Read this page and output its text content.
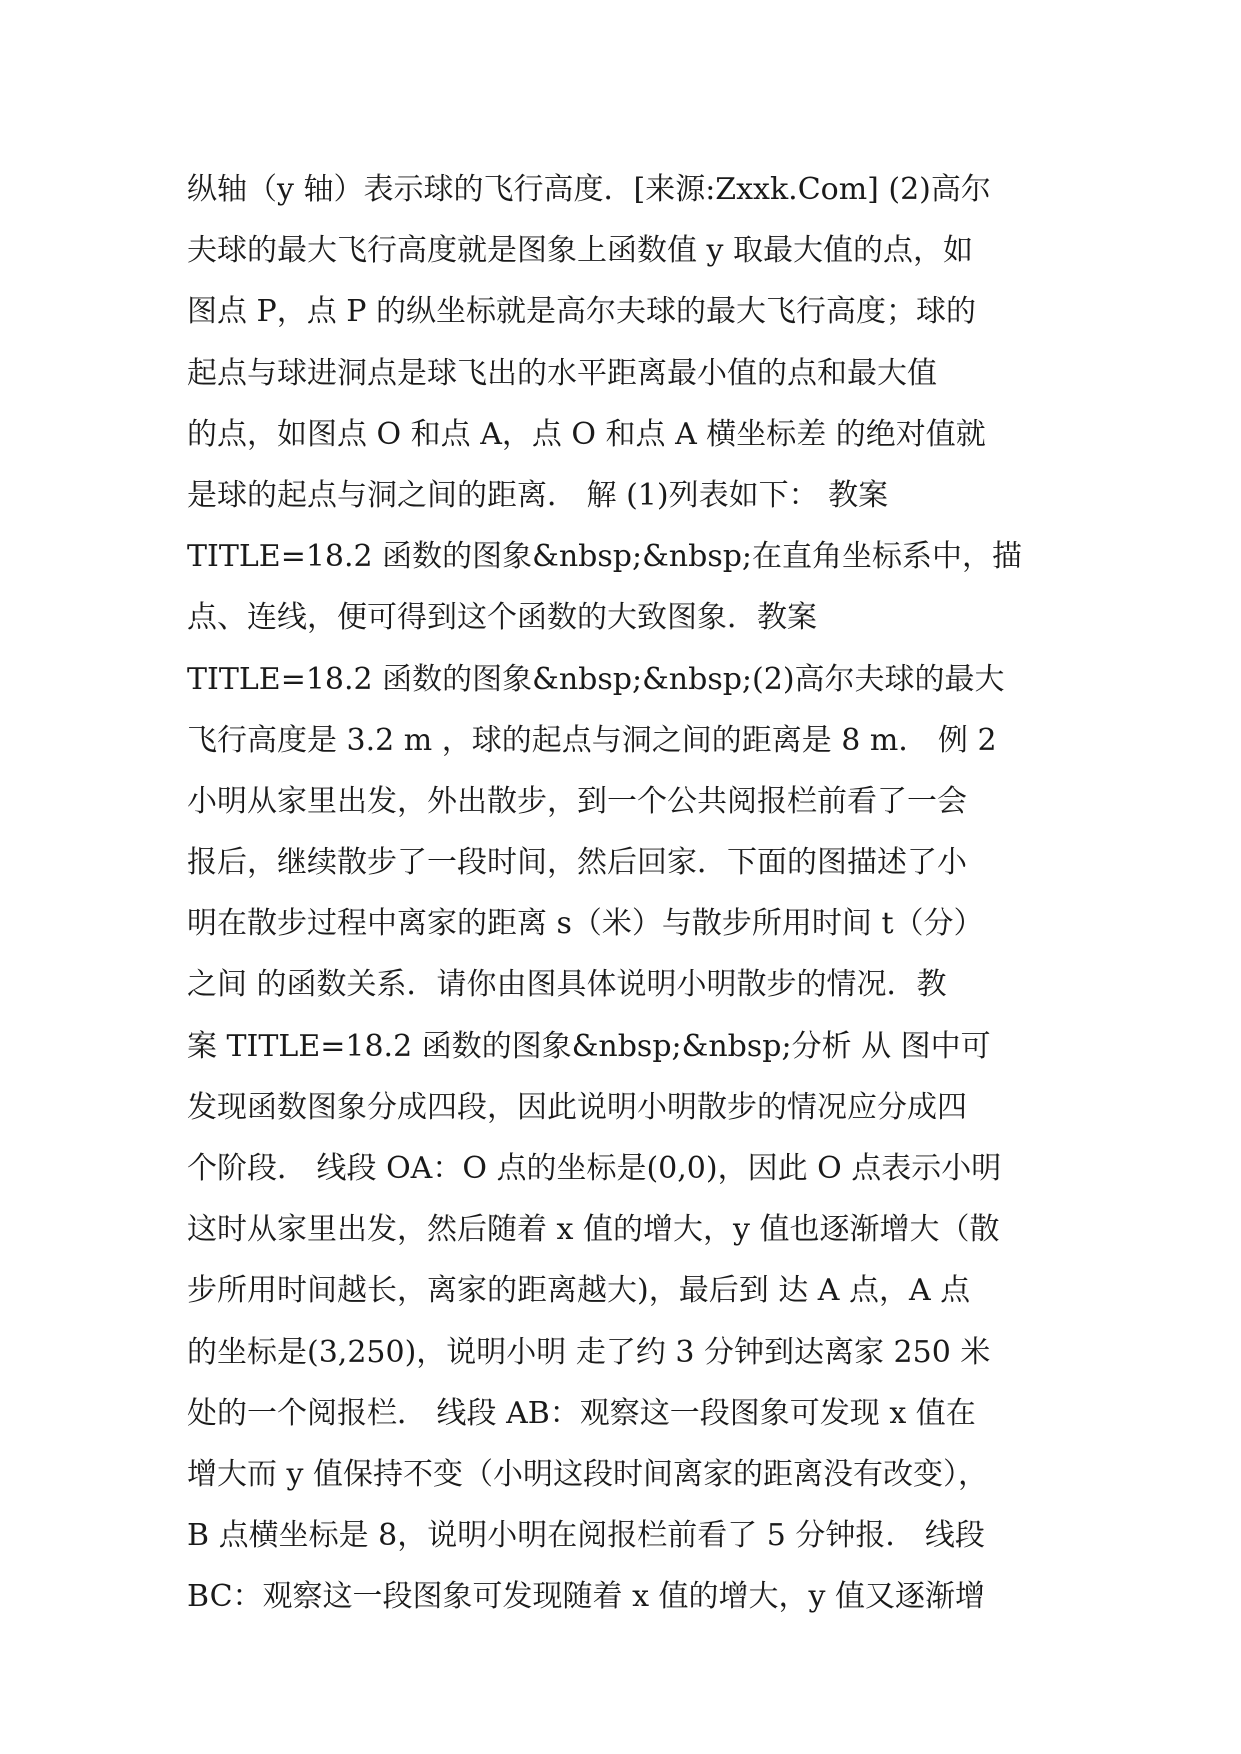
纵轴（y 轴）表示球的飞行高度．[来源:Zxxk.Com] (2)高尔
夫球的最大飞行高度就是图象上函数值 y 取最大值的点，如
图点 P，点 P 的纵坐标就是高尔夫球的最大飞行高度；球的
起点与球进洞点是球飞出的水平距离最小值的点和最大值
的点，如图点 O 和点 A，点 O 和点 A 横坐标差 的绝对值就
是球的起点与洞之间的距离． 解 (1)列表如下： 教案
TITLE=18.2 函数的图象&nbsp;&nbsp;在直角坐标系中，描
点、连线，便可得到这个函数的大致图象．教案
TITLE=18.2 函数的图象&nbsp;&nbsp;(2)高尔夫球的最大
飞行高度是 3.2 m ，球的起点与洞之间的距离是 8 m． 例 2
小明从家里出发，外出散步，到一个公共阅报栏前看了一会
报后，继续散步了一段时间，然后回家．下面的图描述了小
明在散步过程中离家的距离 s（米）与散步所用时间 t（分）
之间 的函数关系．请你由图具体说明小明散步的情况．教
案 TITLE=18.2 函数的图象&nbsp;&nbsp;分析 从 图中可
发现函数图象分成四段，因此说明小明散步的情况应分成四
个阶段． 线段 OA：O 点的坐标是(0,0)，因此 O 点表示小明
这时从家里出发，然后随着 x 值的增大，y 值也逐渐增大（散
步所用时间越长，离家的距离越大)，最后到 达 A 点，A 点
的坐标是(3,250)，说明小明 走了约 3 分钟到达离家 250 米
处的一个阅报栏． 线段 AB：观察这一段图象可发现 x 值在
增大而 y 值保持不变（小明这段时间离家的距离没有改变），
B 点横坐标是 8，说明小明在阅报栏前看了 5 分钟报． 线段
BC：观察这一段图象可发现随着 x 值的增大，y 值又逐渐增
